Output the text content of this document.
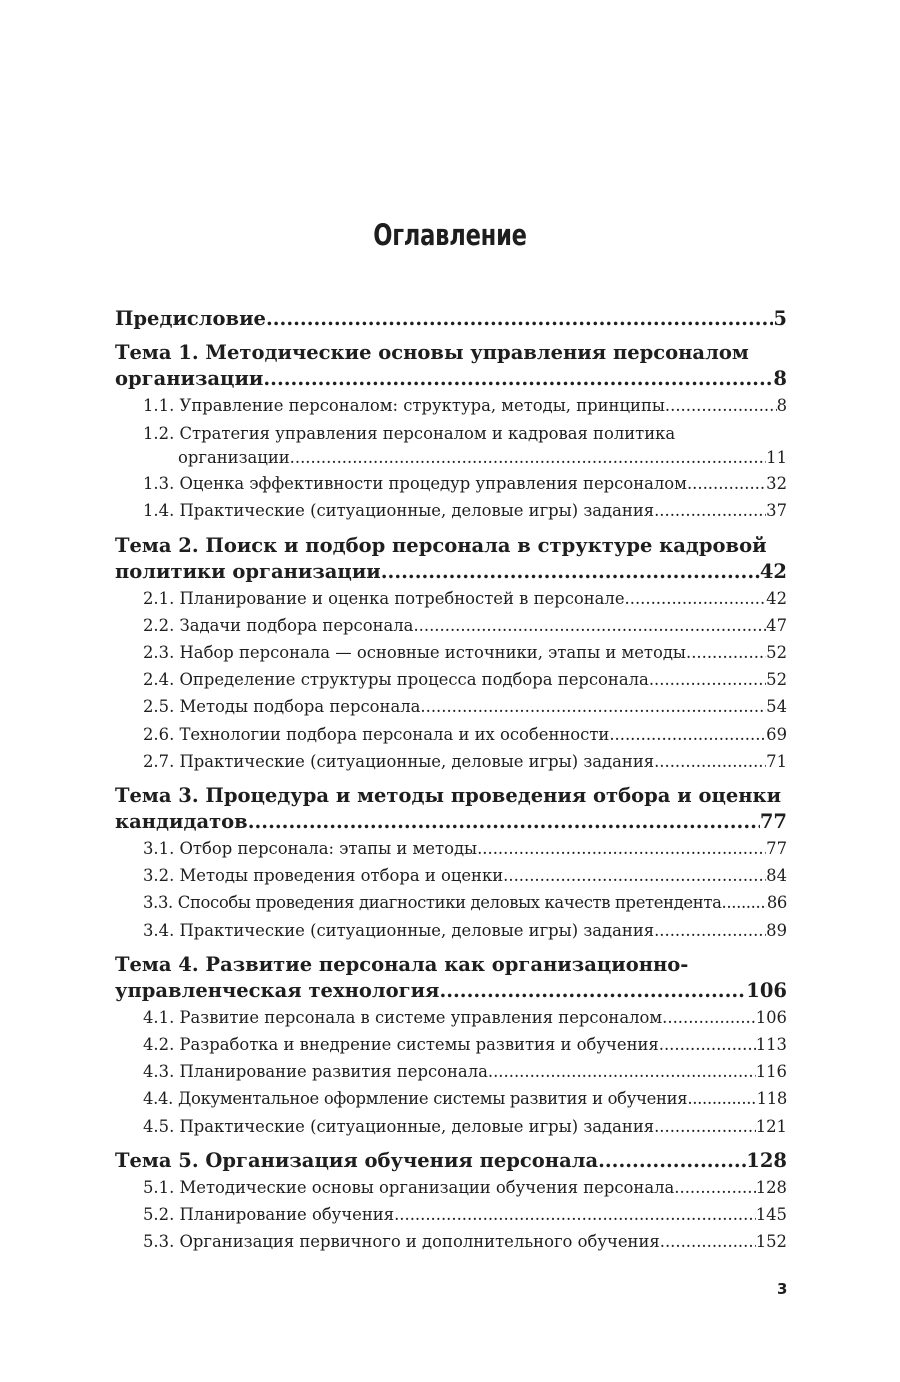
Оглавление
Предисловие .....	5
Тема 1. Методические основы управления персоналом
организации .....	8
1.1. Управление персоналом: структура, методы, принципы .....	8
1.2. Стратегия управления персоналом и кадровая политика
организации .....	11
1.3. Оценка эффективности процедур управления персоналом .....	32
1.4. Практические (ситуационные, деловые игры) задания .....	37
Тема 2. Поиск и подбор персонала в структуре кадровой
политики организации .....	42
2.1. Планирование и оценка потребностей в персонале .....	42
2.2. Задачи подбора персонала .....	47
2.3. Набор персонала — основные источники, этапы и методы .....	52
2.4. Определение структуры процесса подбора персонала .....	52
2.5. Методы подбора персонала .....	54
2.6. Технологии подбора персонала и их особенности .....	69
2.7. Практические (ситуационные, деловые игры) задания .....	71
Тема 3. Процедура и методы проведения отбора и оценки
кандидатов .....	77
3.1. Отбор персонала: этапы и методы .....	77
3.2. Методы проведения отбора и оценки .....	84
3.3. Способы проведения диагностики деловых качеств претендента .....	86
3.4. Практические (ситуационные, деловые игры) задания .....	89
Тема 4. Развитие персонала как организационно-
управленческая технология .....	106
4.1. Развитие персонала в системе управления персоналом .....	106
4.2. Разработка и внедрение системы развития и обучения .....	113
4.3. Планирование развития персонала .....	116
4.4. Документальное оформление системы развития и обучения .....	118
4.5. Практические (ситуационные, деловые игры) задания .....	121
Тема 5. Организация обучения персонала .....	128
5.1. Методические основы организации обучения персонала .....	128
5.2. Планирование обучения .....	145
5.3. Организация первичного и дополнительного обучения .....	152
3
